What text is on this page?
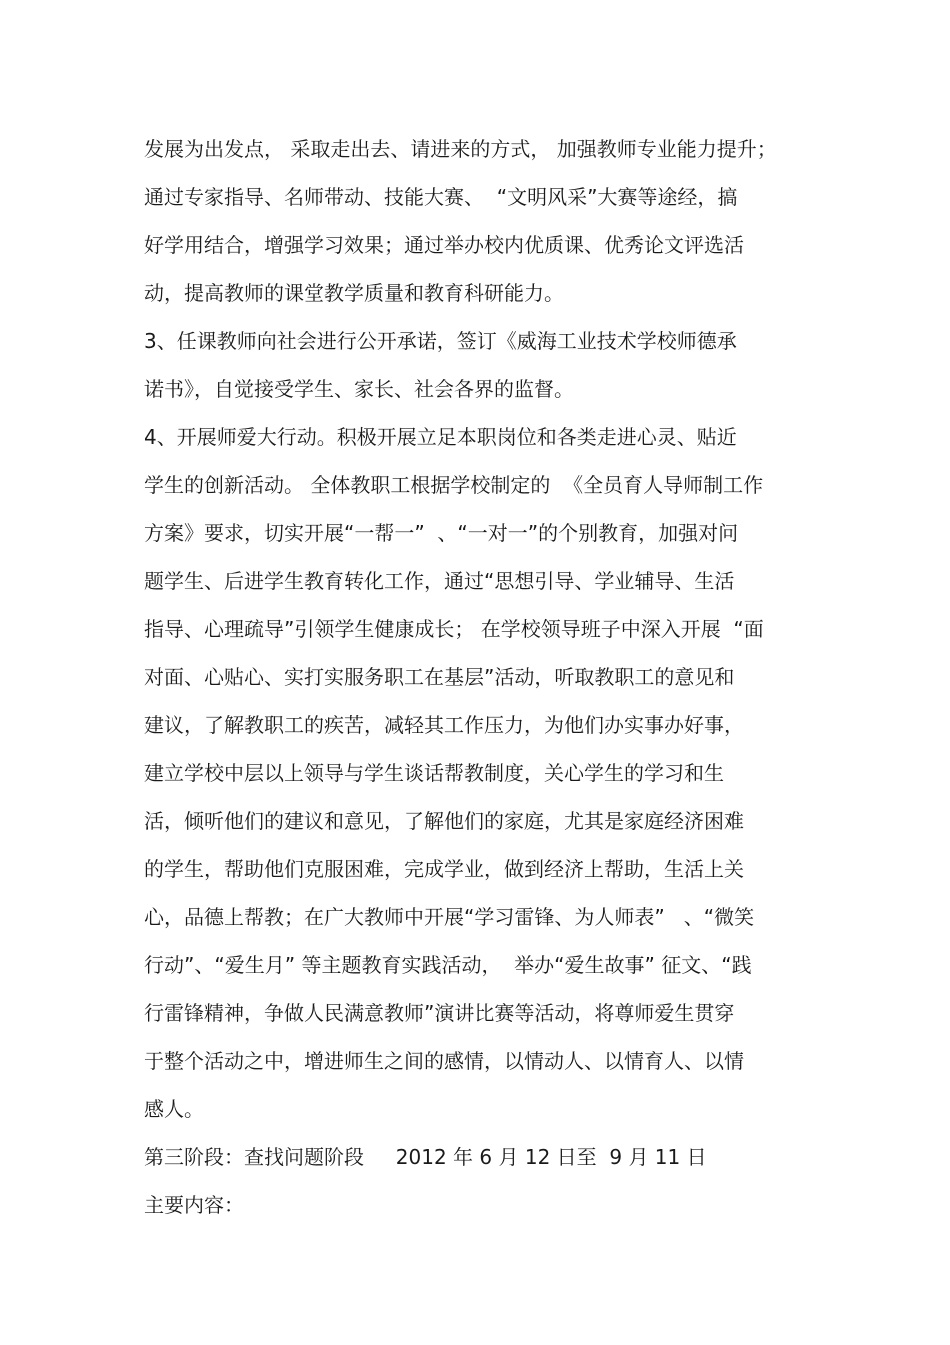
发展为出发点， 采取走出去、请进来的方式， 加强教师专业能力提升；

通过专家指导、名师带动、技能大赛、  “文明风采”大赛等途经，搞

好学用结合，增强学习效果；通过举办校内优质课、优秀论文评选活

动，提高教师的课堂教学质量和教育科研能力。

3、任课教师向社会进行公开承诺，签订《威海工业技术学校师德承

诺书》，自觉接受学生、家长、社会各界的监督。

4、开展师爱大行动。积极开展立足本职岗位和各类走进心灵、贴近

学生的创新活动。 全体教职工根据学校制定的  《全员育人导师制工作

方案》要求，切实开展“一帮一”  、“一对一”的个别教育，加强对问

题学生、后进学生教育转化工作，通过“思想引导、学业辅导、生活

指导、心理疏导”引领学生健康成长； 在学校领导班子中深入开展  “面

对面、心贴心、实打实服务职工在基层”活动，听取教职工的意见和

建议，了解教职工的疾苦，减轻其工作压力，为他们办实事办好事，

建立学校中层以上领导与学生谈话帮教制度，关心学生的学习和生

活，倾听他们的建议和意见，了解他们的家庭，尤其是家庭经济困难

的学生，帮助他们克服困难，完成学业，做到经济上帮助，生活上关

心，品德上帮教；在广大教师中开展“学习雷锋、为人师表”   、“微笑

行动”、“爱生月” 等主题教育实践活动，  举办“爱生故事” 征文、“践

行雷锋精神，争做人民满意教师”演讲比赛等活动，将尊师爱生贯穿

于整个活动之中，增进师生之间的感情，以情动人、以情育人、以情

感人。

第三阶段：查找问题阶段     2012 年 6 月 12 日至  9 月 11 日

主要内容：
